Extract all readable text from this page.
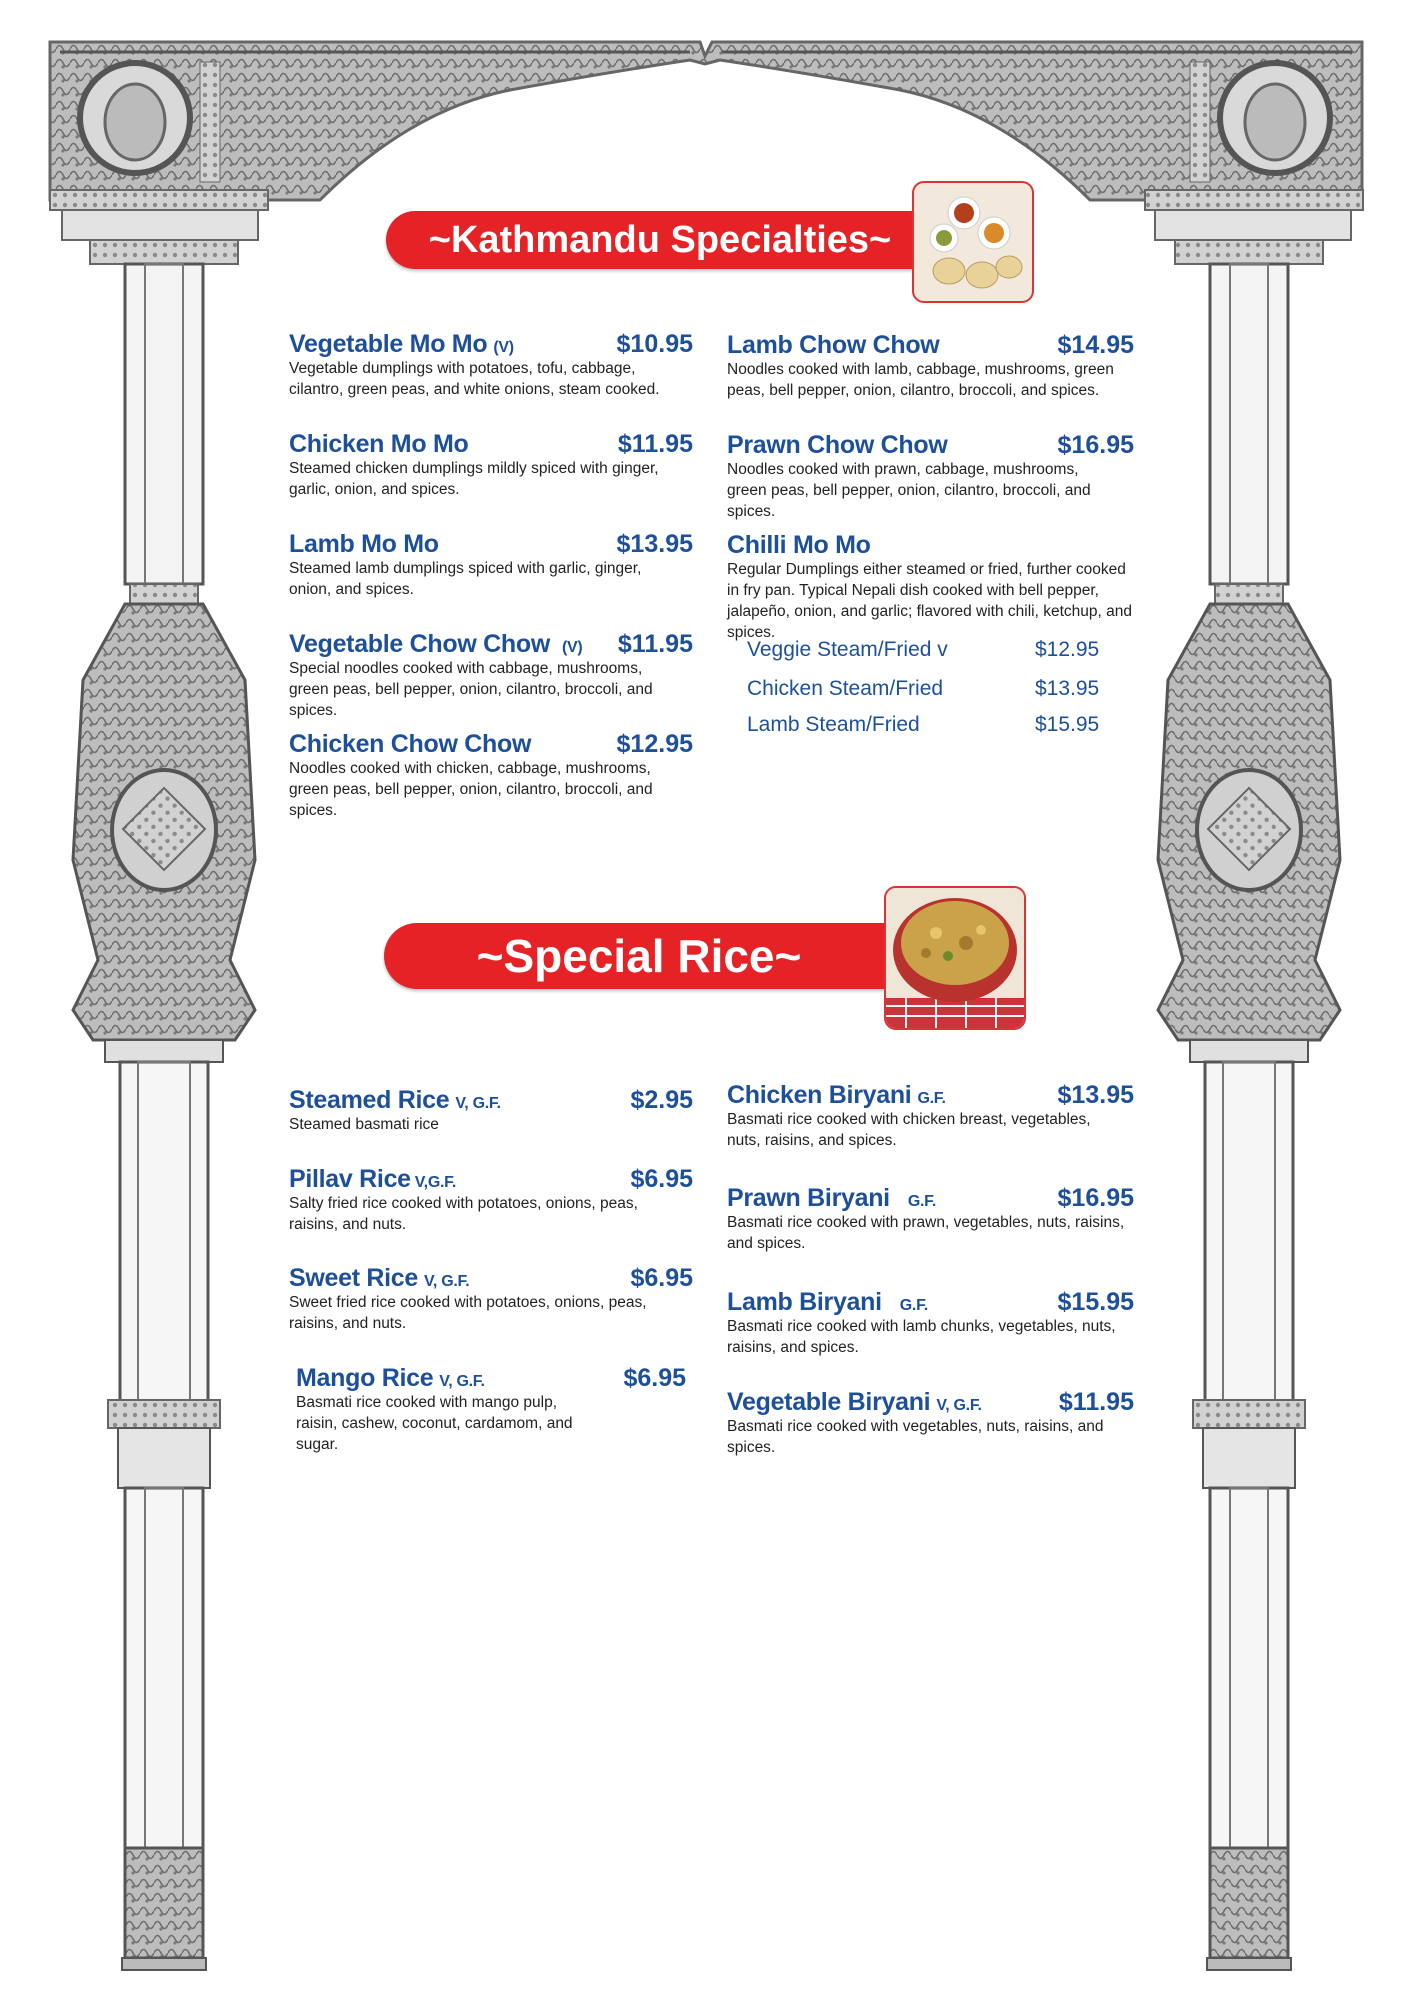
~Kathmandu Specialties~
~Special Rice~
Vegetable Mo Mo (V)	$10.95
Vegetable dumplings with potatoes, tofu, cabbage, cilantro, green peas, and white onions, steam cooked.
Chicken Mo Mo	$11.95
Steamed chicken dumplings mildly spiced with ginger, garlic, onion, and spices.
Lamb Mo Mo	$13.95
Steamed lamb dumplings spiced with garlic, ginger, onion, and spices.
Vegetable Chow Chow (V) $11.95
Special noodles cooked with cabbage, mushrooms, green peas, bell pepper, onion, cilantro, broccoli, and spices.
Chicken Chow Chow	$12.95
Noodles cooked with chicken, cabbage, mushrooms, green peas, bell pepper, onion, cilantro, broccoli, and spices.
Lamb Chow Chow	$14.95
Noodles cooked with lamb, cabbage, mushrooms, green peas, bell pepper, onion, cilantro, broccoli, and spices.
Prawn Chow Chow	$16.95
Noodles cooked with prawn, cabbage, mushrooms, green peas, bell pepper, onion, cilantro, broccoli, and spices.
Chilli Mo Mo
Regular Dumplings either steamed or fried, further cooked in fry pan. Typical Nepali dish cooked with bell pepper, jalapeño, onion, and garlic; flavored with chili, ketchup, and spices.
Veggie Steam/Fried v	$12.95
Chicken Steam/Fried	$13.95
Lamb Steam/Fried	$15.95
Steamed Rice V, G.F.	$2.95
Steamed basmati rice
Pillav Rice V,G.F.	$6.95
Salty fried rice cooked with potatoes, onions, peas, raisins, and nuts.
Sweet Rice V, G.F.	$6.95
Sweet fried rice cooked with potatoes, onions, peas, raisins, and nuts.
Mango Rice V, G.F.	$6.95
Basmati rice cooked with mango pulp, raisin, cashew, coconut, cardamom, and sugar.
Chicken Biryani G.F.	$13.95
Basmati rice cooked with chicken breast, vegetables, nuts, raisins, and spices.
Prawn Biryani G.F.	$16.95
Basmati rice cooked with prawn, vegetables, nuts, raisins, and spices.
Lamb Biryani G.F.	$15.95
Basmati rice cooked with lamb chunks, vegetables, nuts, raisins, and spices.
Vegetable Biryani V, G.F.	$11.95
Basmati rice cooked with vegetables, nuts, raisins, and spices.
